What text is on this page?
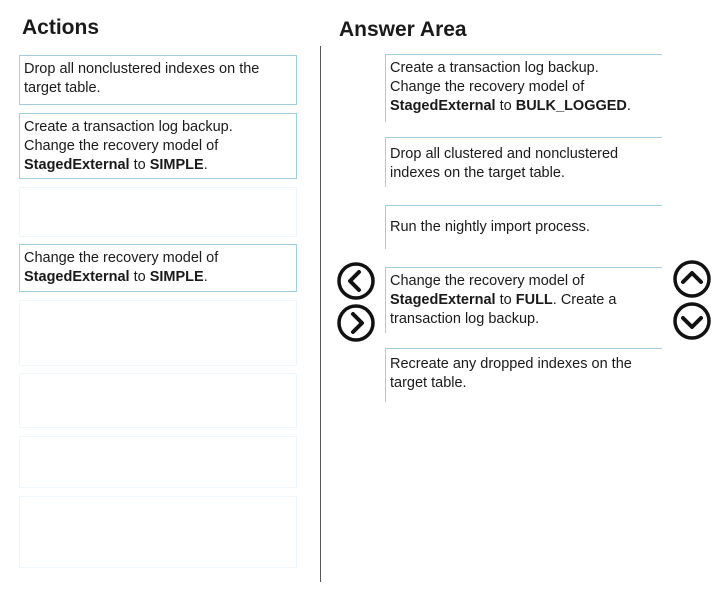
Actions	Answer Area
Drop all nonclustered indexes on the
target table.
Create a transaction log backup.
Change the recovery model of
StagedExternal to SIMPLE.
Change the recovery model of
StagedExternal to SIMPLE.
Create a transaction log backup.
Change the recovery model of
StagedExternal to BULK_LOGGED.
Drop all clustered and nonclustered
indexes on the target table.
Run the nightly import process.
Change the recovery model of
StagedExternal to FULL. Create a
transaction log backup.
Recreate any dropped indexes on the
target table.
